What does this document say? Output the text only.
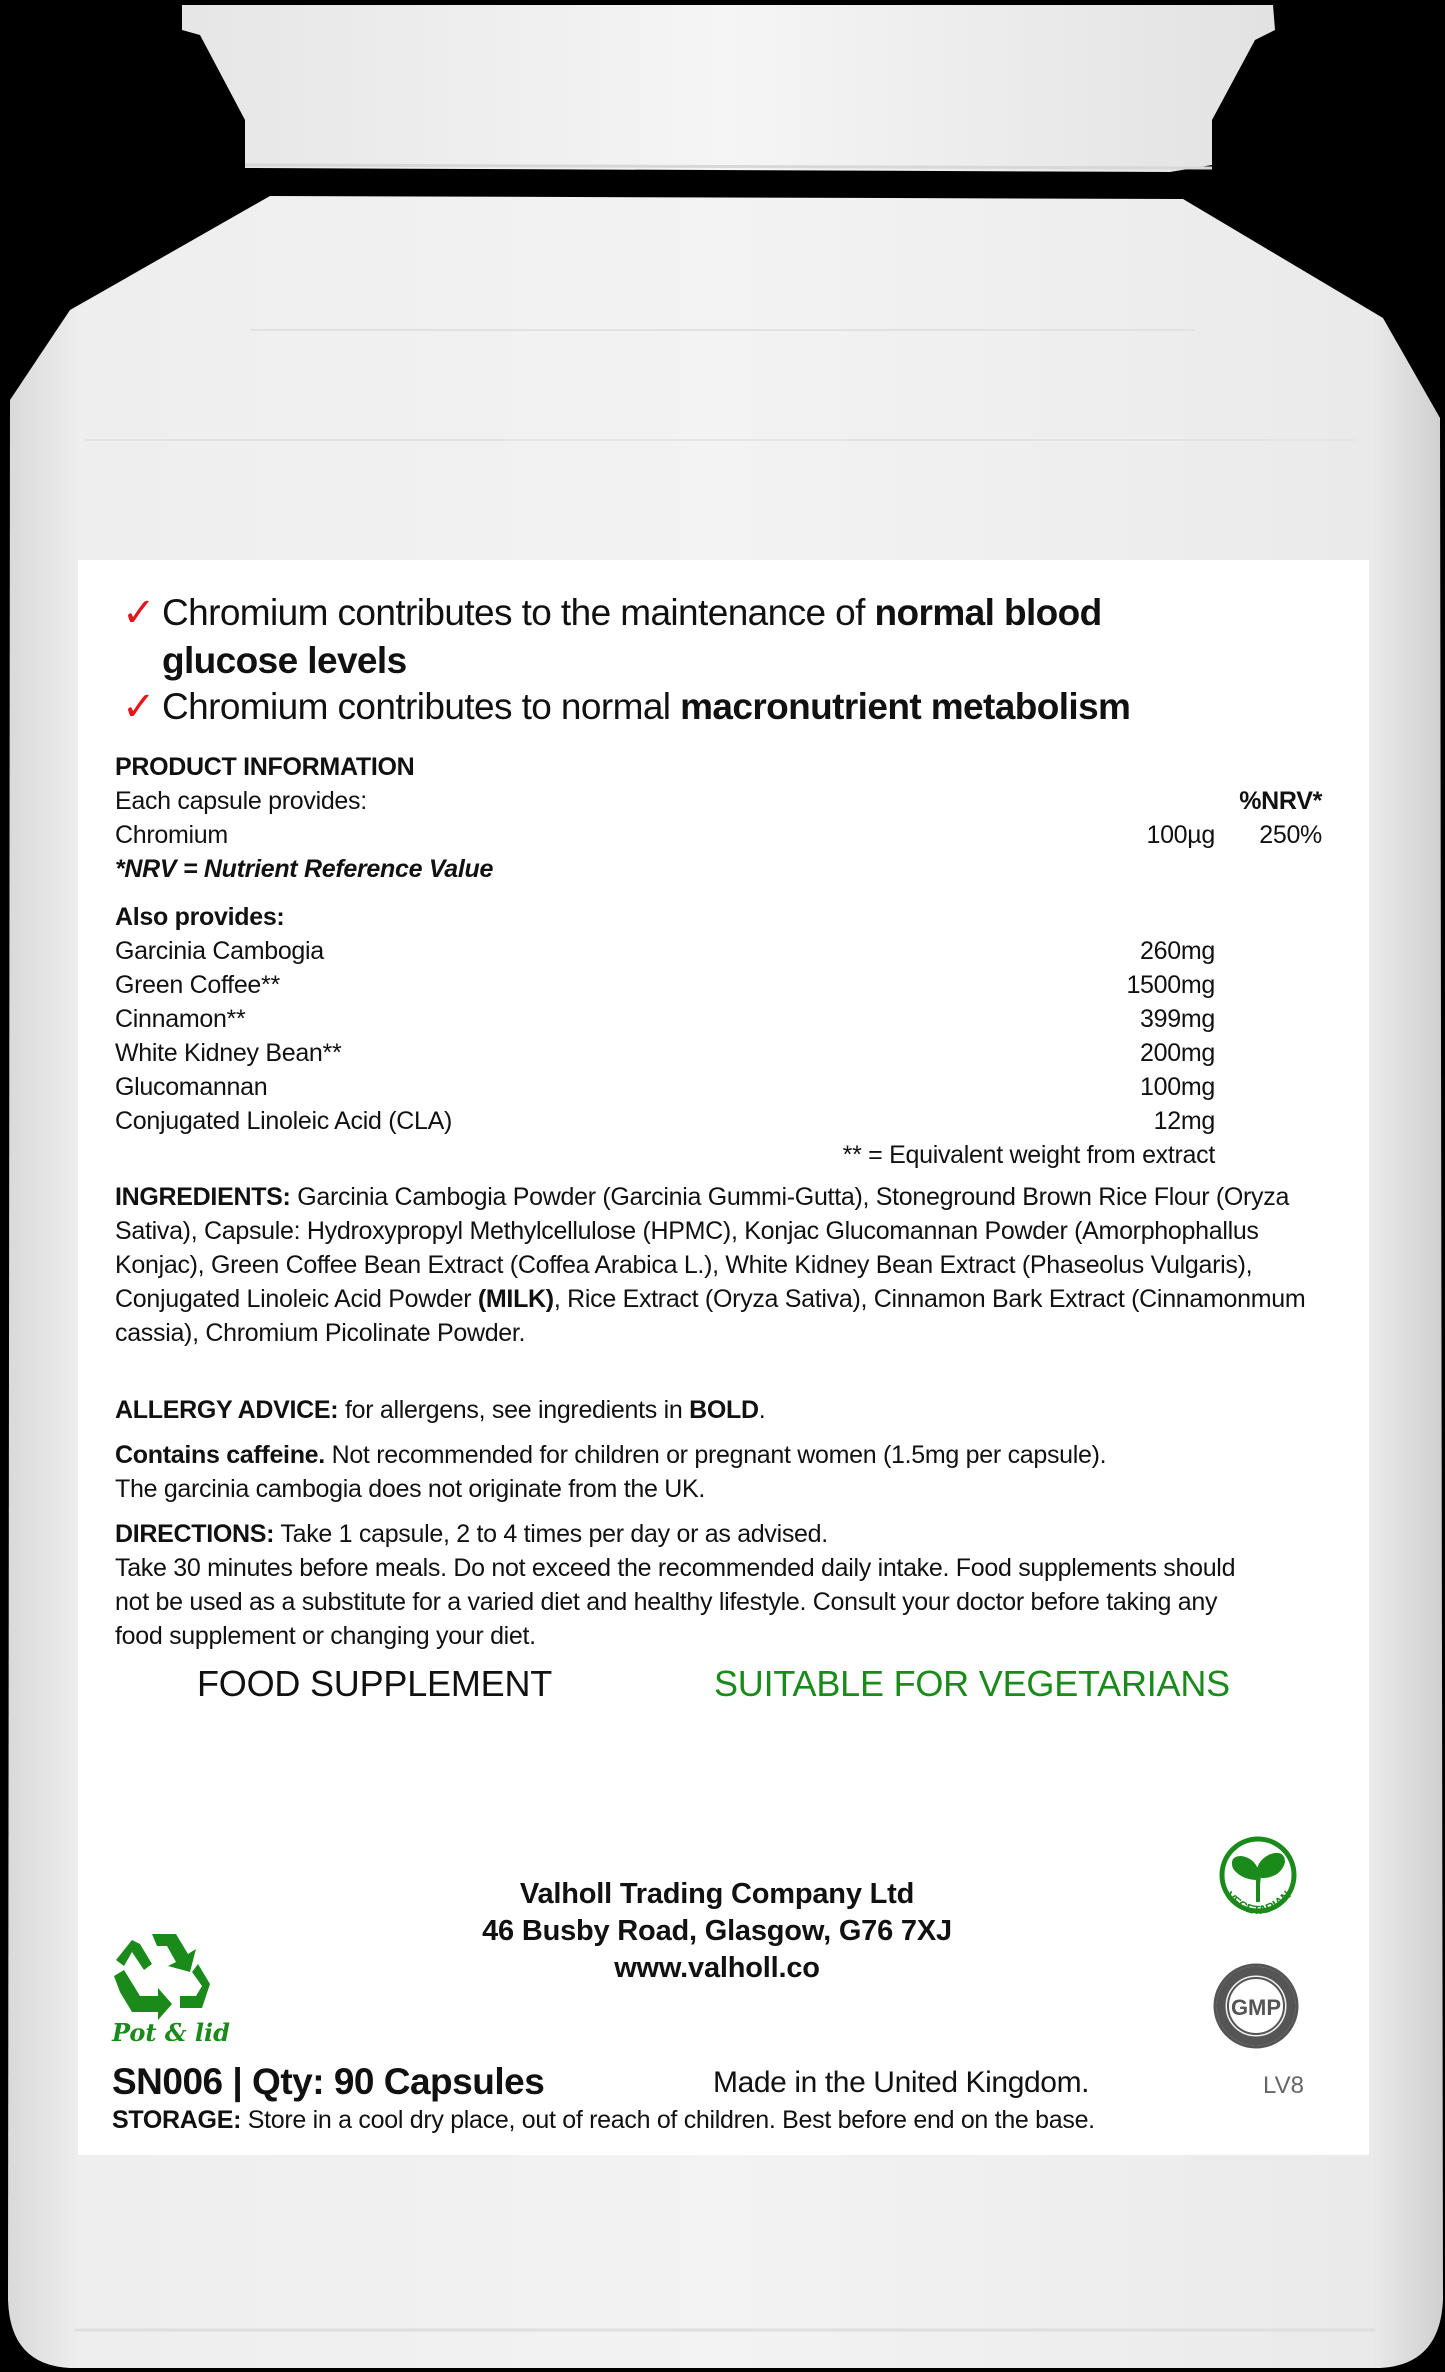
✓ Chromium contributes to the maintenance of normal blood
glucose levels
✓ Chromium contributes to normal macronutrient metabolism
PRODUCT INFORMATION
Each capsule provides:	%NRV*
Chromium	100µg 250%
*NRV = Nutrient Reference Value
Also provides:
Garcinia Cambogia	260mg
Green Coffee**	1500mg
Cinnamon**	399mg
White Kidney Bean**	200mg
Glucomannan	100mg
Conjugated Linoleic Acid (CLA)	12mg
** = Equivalent weight from extract
INGREDIENTS: Garcinia Cambogia Powder (Garcinia Gummi-Gutta), Stoneground Brown Rice Flour (Oryza Sativa), Capsule: Hydroxypropyl Methylcellulose (HPMC), Konjac Glucomannan Powder (Amorphophallus Konjac), Green Coffee Bean Extract (Coffea Arabica L.), White Kidney Bean Extract (Phaseolus Vulgaris), Conjugated Linoleic Acid Powder (MILK), Rice Extract (Oryza Sativa), Cinnamon Bark Extract (Cinnamonmum cassia), Chromium Picolinate Powder.
ALLERGY ADVICE: for allergens, see ingredients in BOLD.
Contains caffeine. Not recommended for children or pregnant women (1.5mg per capsule).
The garcinia cambogia does not originate from the UK.
DIRECTIONS: Take 1 capsule, 2 to 4 times per day or as advised.
Take 30 minutes before meals. Do not exceed the recommended daily intake. Food supplements should not be used as a substitute for a varied diet and healthy lifestyle. Consult your doctor before taking any food supplement or changing your diet.
FOOD SUPPLEMENT	SUITABLE FOR VEGETARIANS
Valholl Trading Company Ltd
46 Busby Road, Glasgow, G76 7XJ
www.valholl.co
Pot & lid
VEGETARIAN
GMP
SN006 | Qty: 90 Capsules	Made in the United Kingdom.	LV8
STORAGE: Store in a cool dry place, out of reach of children. Best before end on the base.
